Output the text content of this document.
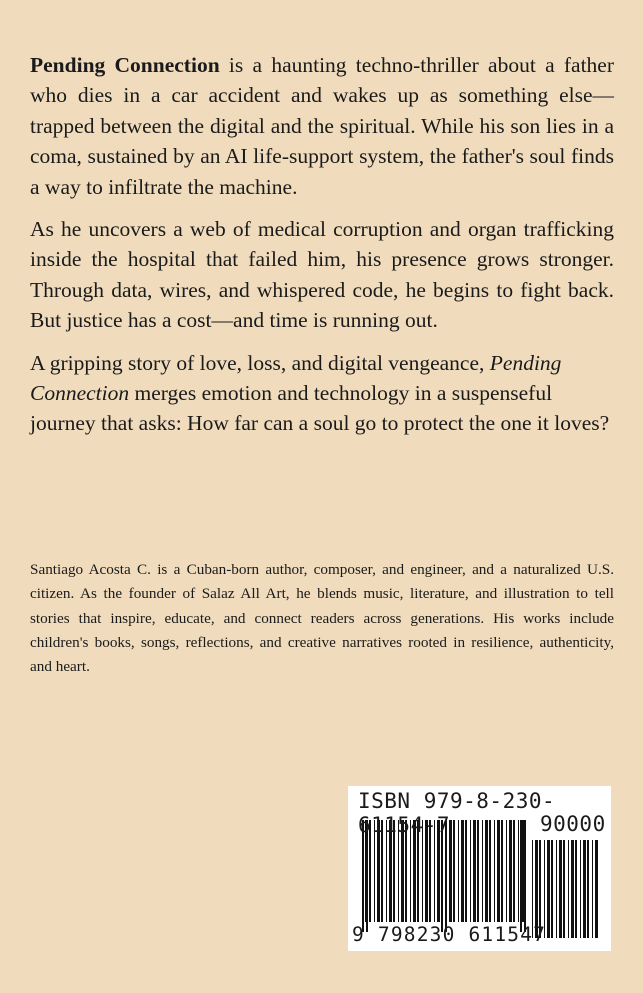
Pending Connection is a haunting techno-thriller about a father who dies in a car accident and wakes up as something else—trapped between the digital and the spiritual. While his son lies in a coma, sustained by an AI life-support system, the father's soul finds a way to infiltrate the machine.

As he uncovers a web of medical corruption and organ trafficking inside the hospital that failed him, his presence grows stronger. Through data, wires, and whispered code, he begins to fight back. But justice has a cost—and time is running out.

A gripping story of love, loss, and digital vengeance, Pending Connection merges emotion and technology in a suspenseful journey that asks: How far can a soul go to protect the one it loves?

Santiago Acosta C. is a Cuban-born author, composer, and engineer, and a naturalized U.S. citizen. As the founder of Salaz All Art, he blends music, literature, and illustration to tell stories that inspire, educate, and connect readers across generations. His works include children's books, songs, reflections, and creative narratives rooted in resilience, authenticity, and heart.

ISBN 979-8-230-61154-7	90000
9 798230 611547
